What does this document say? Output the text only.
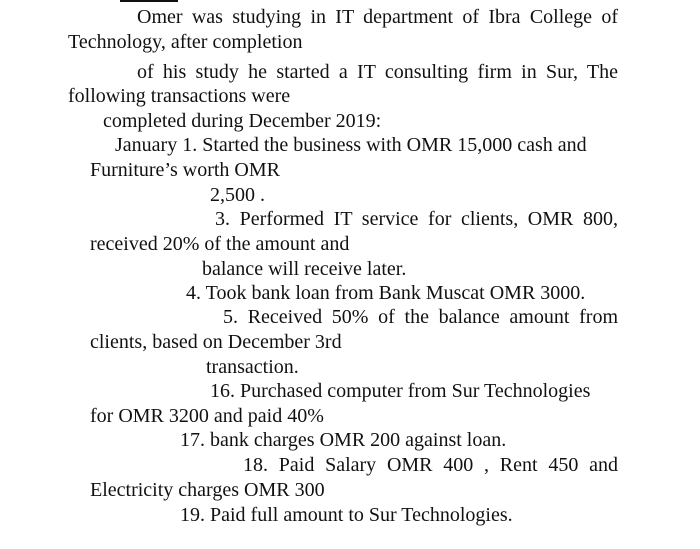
Omer was studying in IT department of Ibra College of
Technology, after completion
of his study he started a IT consulting firm in Sur, The
following transactions were
completed during December 2019:
January 1. Started the business with OMR 15,000 cash and
Furniture’s worth OMR
2,500 .
3. Performed IT service for clients, OMR 800,
received 20% of the amount and
balance will receive later.
4. Took bank loan from Bank Muscat OMR 3000.
5. Received 50% of the balance amount from
clients, based on December 3rd
transaction.
16. Purchased computer from Sur Technologies
for OMR 3200 and paid 40%
17. bank charges OMR 200 against loan.
18. Paid Salary OMR 400 , Rent 450 and
Electricity charges OMR 300
19. Paid full amount to Sur Technologies.
